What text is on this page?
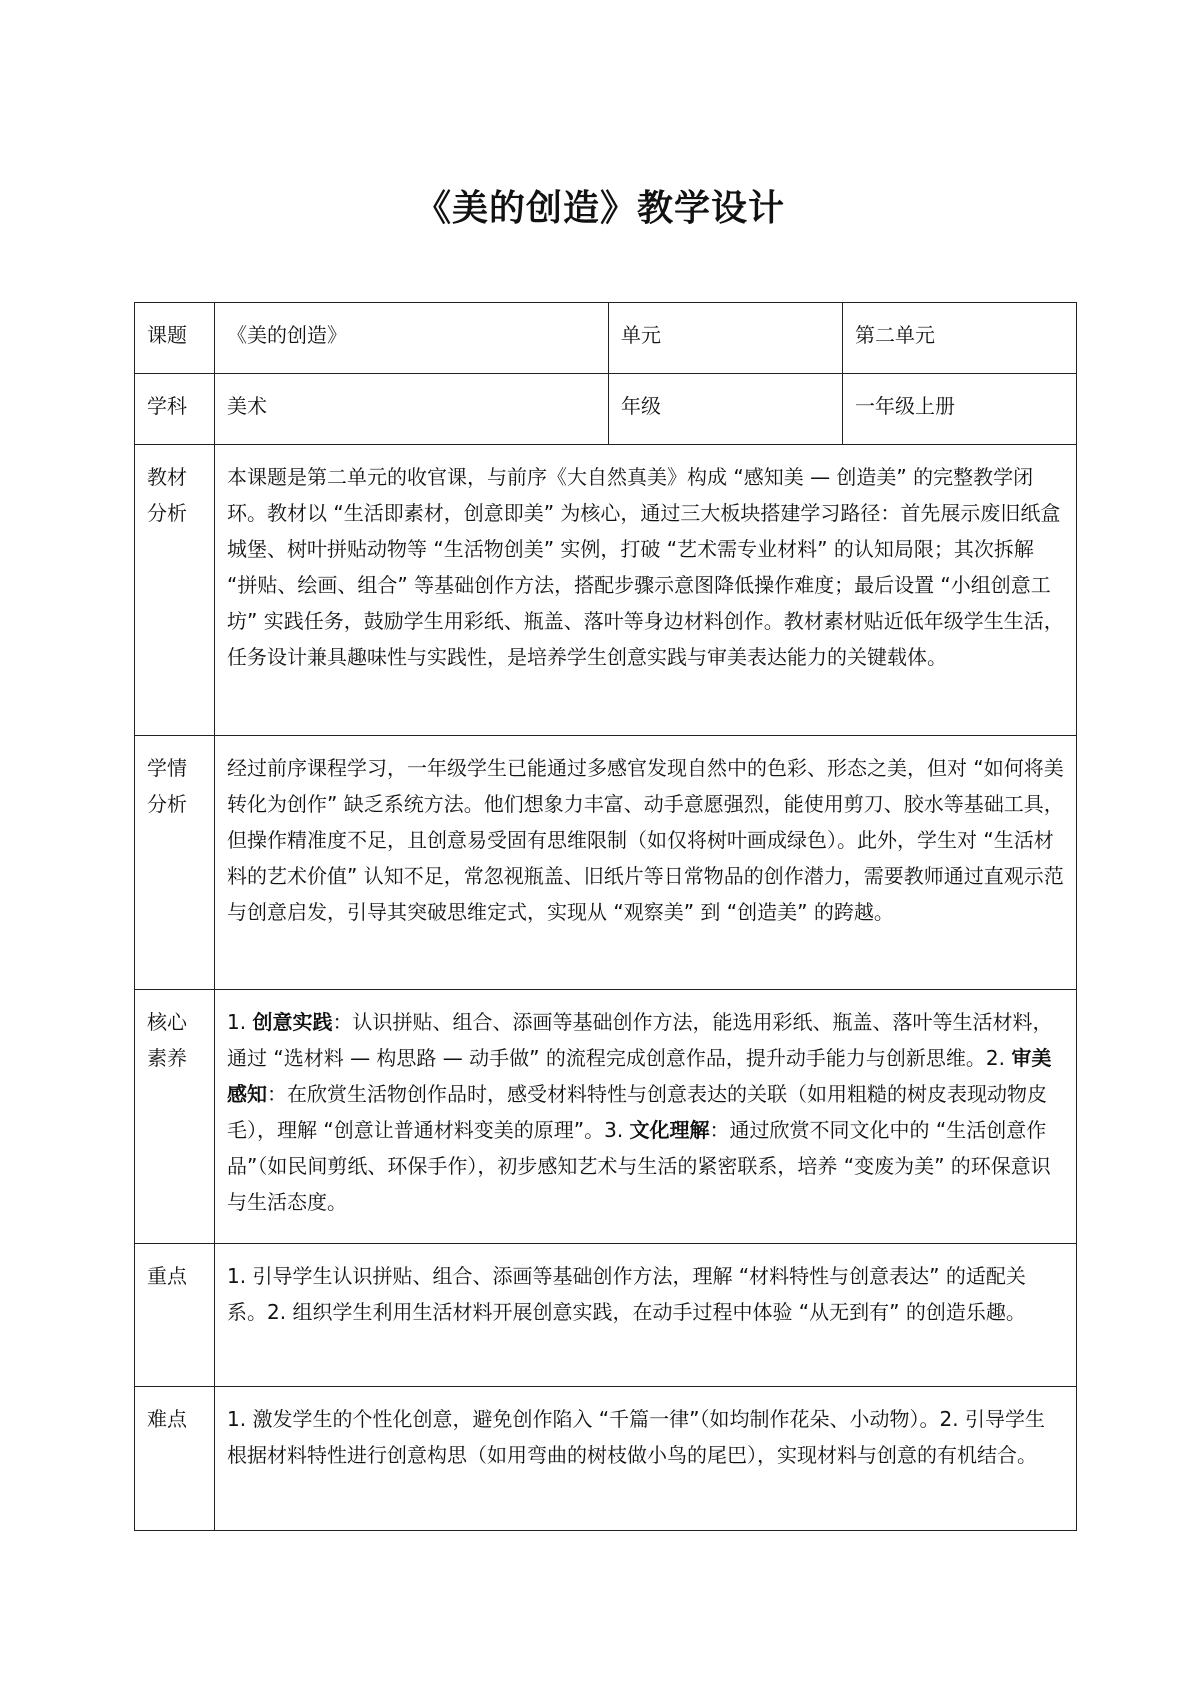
《美的创造》教学设计
课题	《美的创造》	单元	第二单元
学科	美术	年级	一年级上册
教材分析	本课题是第二单元的收官课，与前序《大自然真美》构成 “感知美 — 创造美” 的完整教学闭环。教材以 “生活即素材，创意即美” 为核心，通过三大板块搭建学习路径：首先展示废旧纸盒城堡、树叶拼贴动物等 “生活物创美” 实例，打破 “艺术需专业材料” 的认知局限；其次拆解 “拼贴、绘画、组合” 等基础创作方法，搭配步骤示意图降低操作难度；最后设置 “小组创意工坊” 实践任务，鼓励学生用彩纸、瓶盖、落叶等身边材料创作。教材素材贴近低年级学生生活，任务设计兼具趣味性与实践性，是培养学生创意实践与审美表达能力的关键载体。		
学情分析	经过前序课程学习，一年级学生已能通过多感官发现自然中的色彩、形态之美，但对 “如何将美转化为创作” 缺乏系统方法。他们想象力丰富、动手意愿强烈，能使用剪刀、胶水等基础工具，但操作精准度不足，且创意易受固有思维限制（如仅将树叶画成绿色）。此外，学生对 “生活材料的艺术价值” 认知不足，常忽视瓶盖、旧纸片等日常物品的创作潜力，需要教师通过直观示范与创意启发，引导其突破思维定式，实现从 “观察美” 到 “创造美” 的跨越。		
核心素养	1. 创意实践：认识拼贴、组合、添画等基础创作方法，能选用彩纸、瓶盖、落叶等生活材料，通过 “选材料 — 构思路 — 动手做” 的流程完成创意作品，提升动手能力与创新思维。2. 审美感知：在欣赏生活物创作品时，感受材料特性与创意表达的关联（如用粗糙的树皮表现动物皮毛），理解 “创意让普通材料变美的原理”。3. 文化理解：通过欣赏不同文化中的 “生活创意作品”（如民间剪纸、环保手作），初步感知艺术与生活的紧密联系，培养 “变废为美” 的环保意识与生活态度。		
重点	1. 引导学生认识拼贴、组合、添画等基础创作方法，理解 “材料特性与创意表达” 的适配关系。2. 组织学生利用生活材料开展创意实践，在动手过程中体验 “从无到有” 的创造乐趣。		
难点	1. 激发学生的个性化创意，避免创作陷入 “千篇一律”（如均制作花朵、小动物）。2. 引导学生根据材料特性进行创意构思（如用弯曲的树枝做小鸟的尾巴），实现材料与创意的有机结合。		
